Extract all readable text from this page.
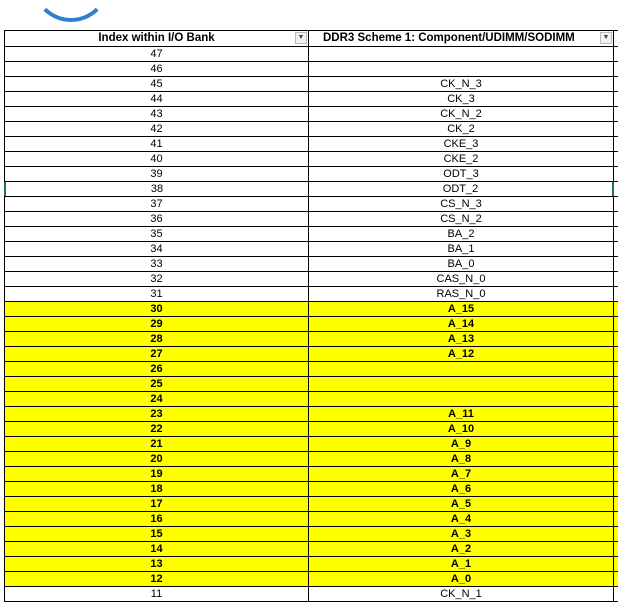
Index within I/O Bank	▼	DDR3 Scheme 1: Component/UDIMM/SODIMM	▼
47
46
45	CK_N_3
44	CK_3
43	CK_N_2
42	CK_2
41	CKE_3
40	CKE_2
39	ODT_3
38	ODT_2
37	CS_N_3
36	CS_N_2
35	BA_2
34	BA_1
33	BA_0
32	CAS_N_0
31	RAS_N_0
30	A_15
29	A_14
28	A_13
27	A_12
26
25
24
23	A_11
22	A_10
21	A_9
20	A_8
19	A_7
18	A_6
17	A_5
16	A_4
15	A_3
14	A_2
13	A_1
12	A_0
11	CK_N_1
